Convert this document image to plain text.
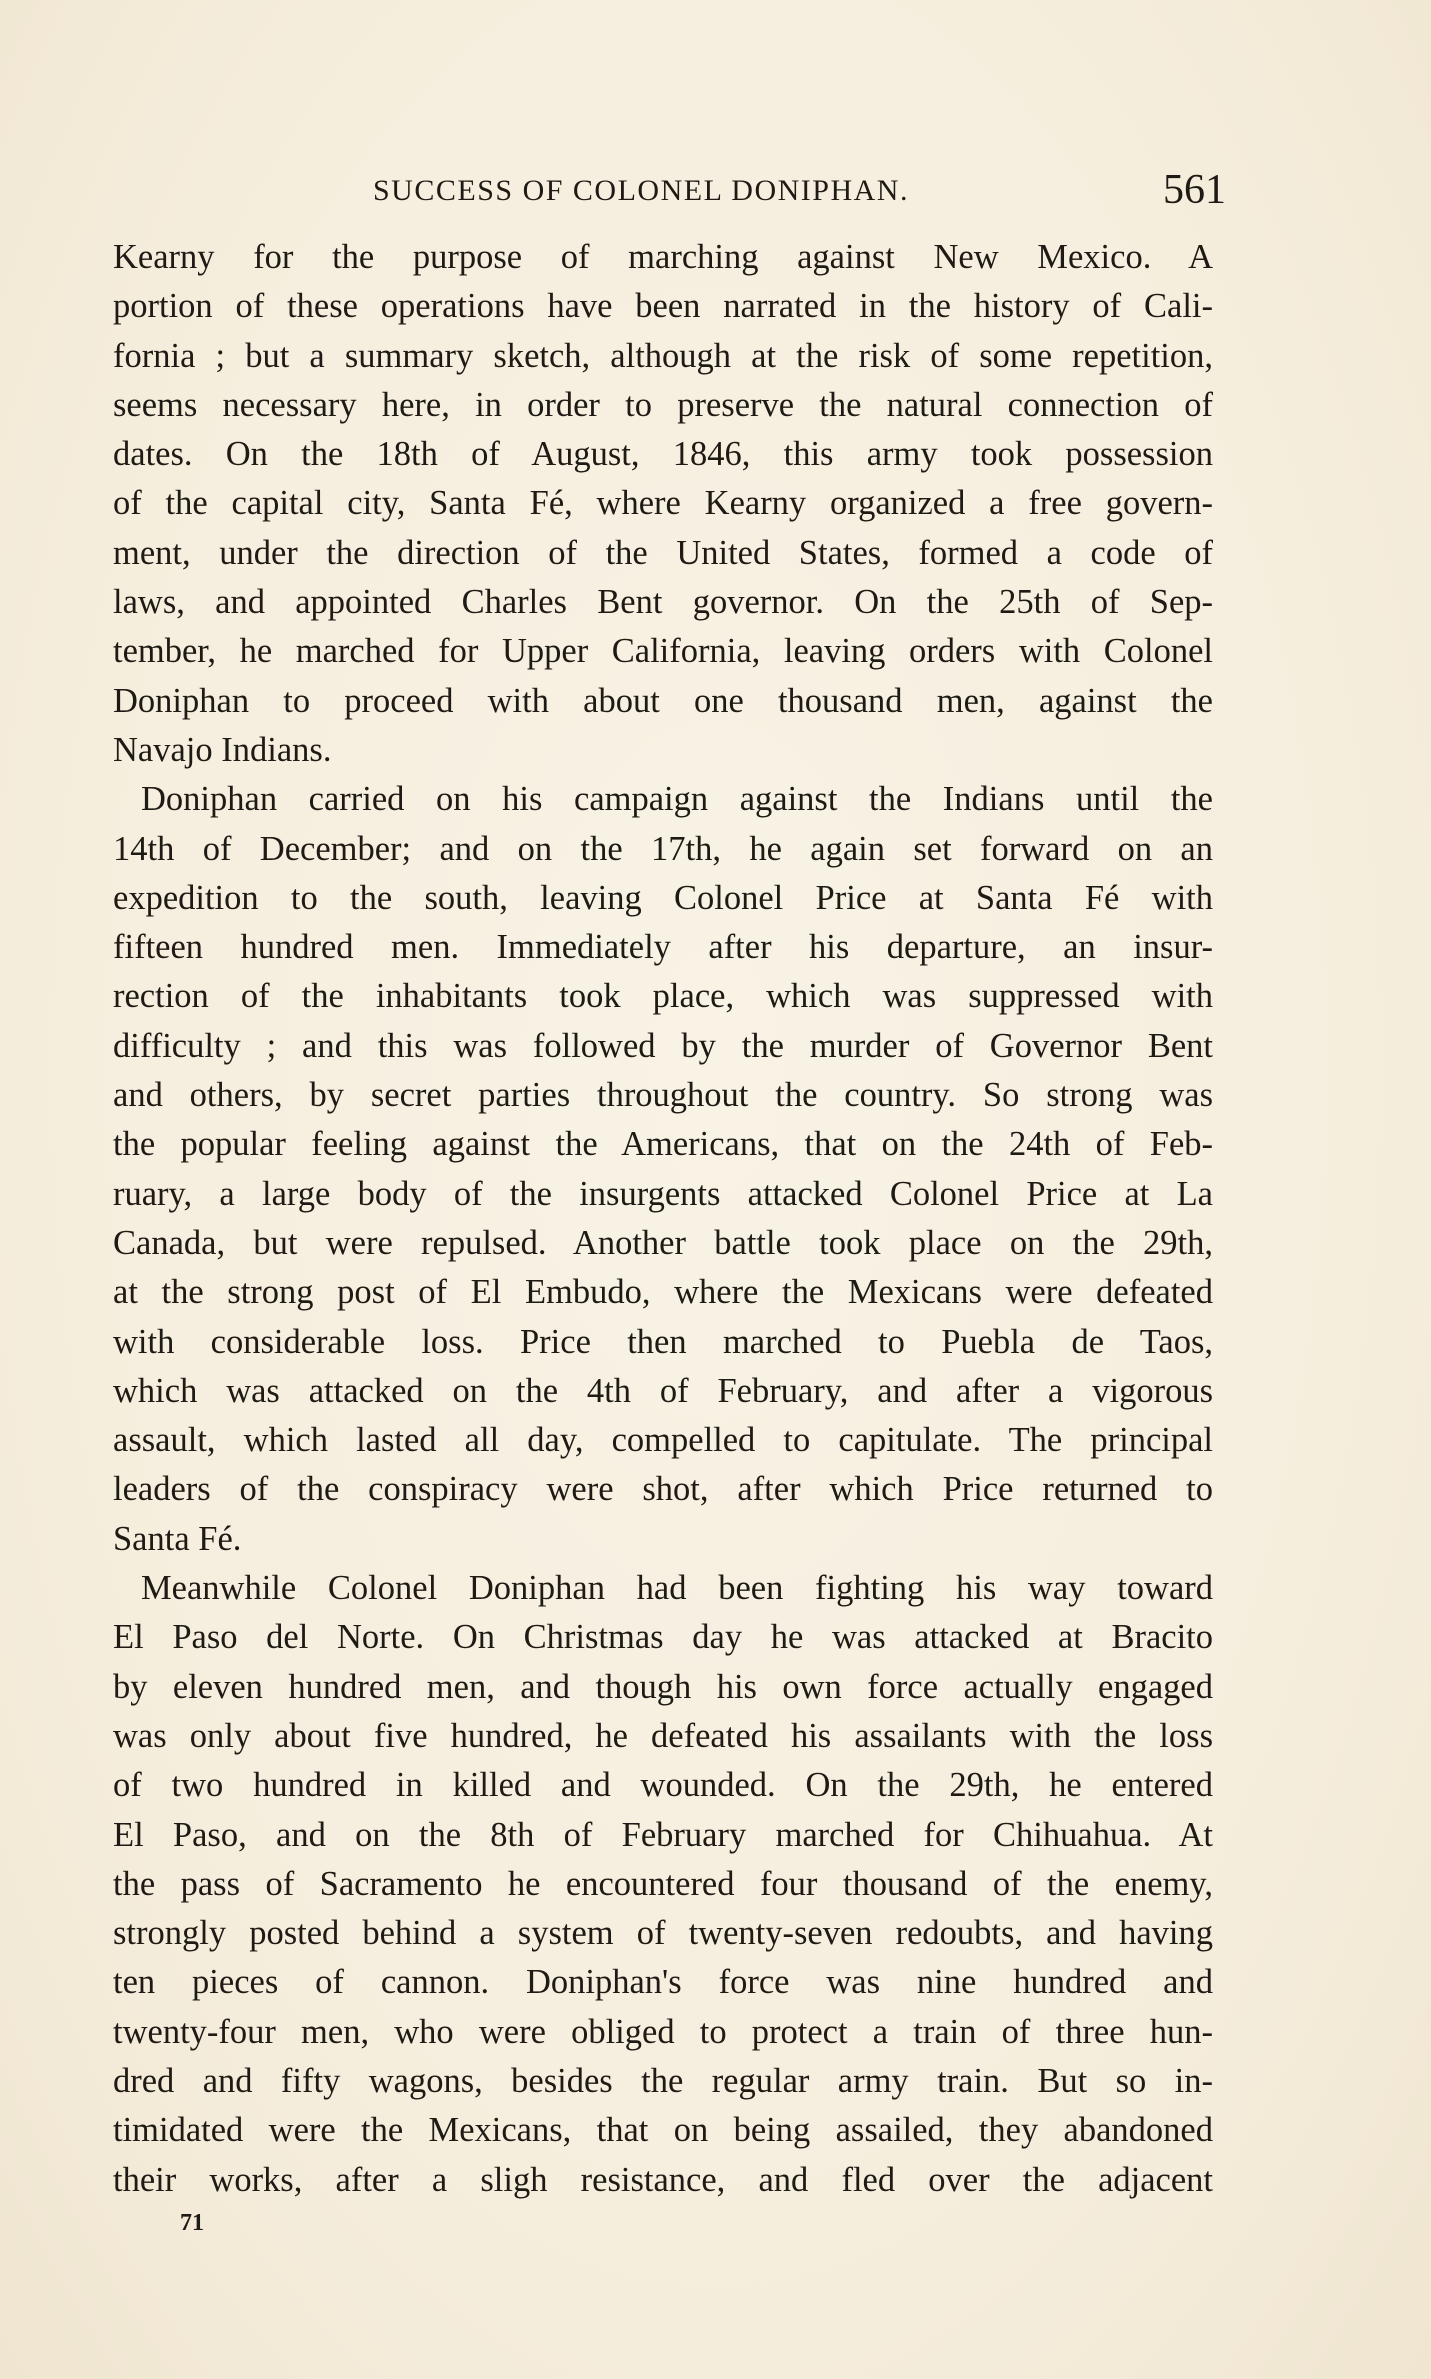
SUCCESS OF COLONEL DONIPHAN.	561
Kearny for the purpose of marching against New Mexico. A
portion of these operations have been narrated in the history of Cali-
fornia ; but a summary sketch, although at the risk of some repetition,
seems necessary here, in order to preserve the natural connection of
dates. On the 18th of August, 1846, this army took possession
of the capital city, Santa Fé, where Kearny organized a free govern-
ment, under the direction of the United States, formed a code of
laws, and appointed Charles Bent governor. On the 25th of Sep-
tember, he marched for Upper California, leaving orders with Colonel
Doniphan to proceed with about one thousand men, against the
Navajo Indians.
Doniphan carried on his campaign against the Indians until the
14th of December; and on the 17th, he again set forward on an
expedition to the south, leaving Colonel Price at Santa Fé with
fifteen hundred men. Immediately after his departure, an insur-
rection of the inhabitants took place, which was suppressed with
difficulty ; and this was followed by the murder of Governor Bent
and others, by secret parties throughout the country. So strong was
the popular feeling against the Americans, that on the 24th of Feb-
ruary, a large body of the insurgents attacked Colonel Price at La
Canada, but were repulsed. Another battle took place on the 29th,
at the strong post of El Embudo, where the Mexicans were defeated
with considerable loss. Price then marched to Puebla de Taos,
which was attacked on the 4th of February, and after a vigorous
assault, which lasted all day, compelled to capitulate. The principal
leaders of the conspiracy were shot, after which Price returned to
Santa Fé.
Meanwhile Colonel Doniphan had been fighting his way toward
El Paso del Norte. On Christmas day he was attacked at Bracito
by eleven hundred men, and though his own force actually engaged
was only about five hundred, he defeated his assailants with the loss
of two hundred in killed and wounded. On the 29th, he entered
El Paso, and on the 8th of February marched for Chihuahua. At
the pass of Sacramento he encountered four thousand of the enemy,
strongly posted behind a system of twenty-seven redoubts, and having
ten pieces of cannon. Doniphan's force was nine hundred and
twenty-four men, who were obliged to protect a train of three hun-
dred and fifty wagons, besides the regular army train. But so in-
timidated were the Mexicans, that on being assailed, they abandoned
their works, after a sligh resistance, and fled over the adjacent
71
